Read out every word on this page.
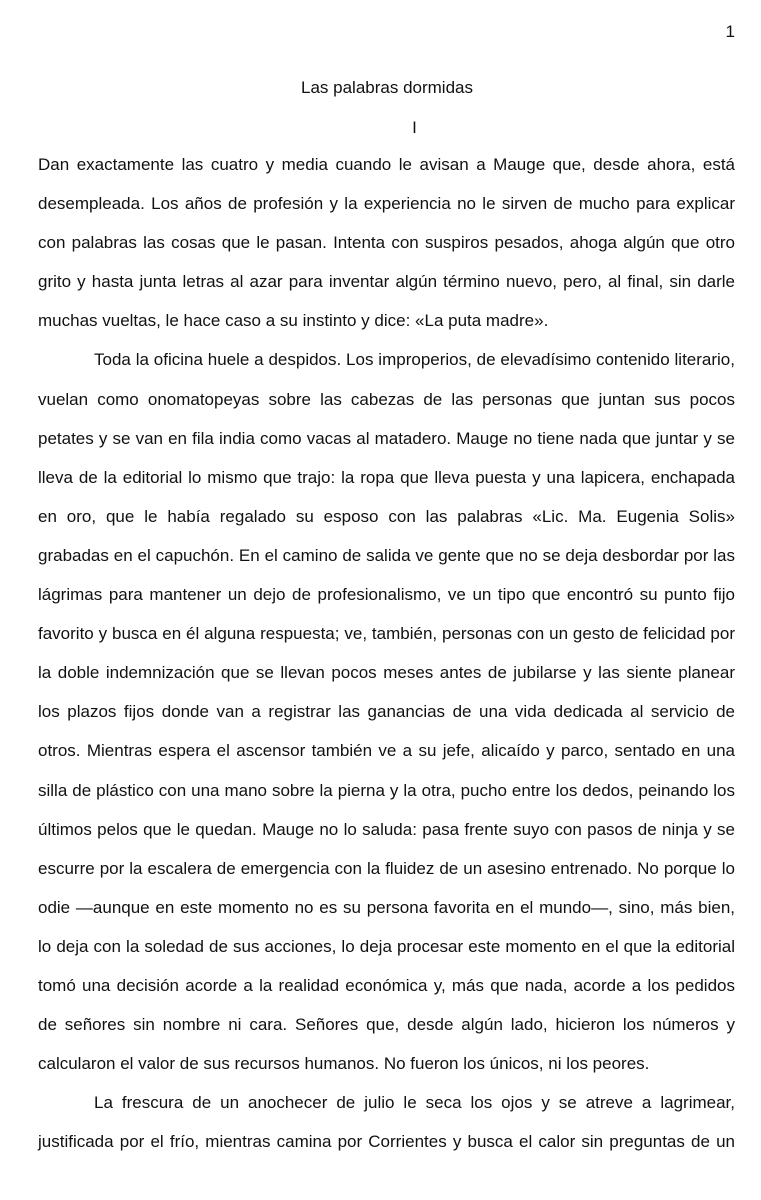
1
Las palabras dormidas
I

Dan exactamente las cuatro y media cuando le avisan a Mauge que, desde ahora, está desempleada. Los años de profesión y la experiencia no le sirven de mucho para explicar con palabras las cosas que le pasan. Intenta con suspiros pesados, ahoga algún que otro grito y hasta junta letras al azar para inventar algún término nuevo, pero, al final, sin darle muchas vueltas, le hace caso a su instinto y dice: «La puta madre».

Toda la oficina huele a despidos. Los improperios, de elevadísimo contenido literario, vuelan como onomatopeyas sobre las cabezas de las personas que juntan sus pocos petates y se van en fila india como vacas al matadero. Mauge no tiene nada que juntar y se lleva de la editorial lo mismo que trajo: la ropa que lleva puesta y una lapicera, enchapada en oro, que le había regalado su esposo con las palabras «Lic. Ma. Eugenia Solis» grabadas en el capuchón. En el camino de salida ve gente que no se deja desbordar por las lágrimas para mantener un dejo de profesionalismo, ve un tipo que encontró su punto fijo favorito y busca en él alguna respuesta; ve, también, personas con un gesto de felicidad por la doble indemnización que se llevan pocos meses antes de jubilarse y las siente planear los plazos fijos donde van a registrar las ganancias de una vida dedicada al servicio de otros. Mientras espera el ascensor también ve a su jefe, alicaído y parco, sentado en una silla de plástico con una mano sobre la pierna y la otra, pucho entre los dedos, peinando los últimos pelos que le quedan. Mauge no lo saluda: pasa frente suyo con pasos de ninja y se escurre por la escalera de emergencia con la fluidez de un asesino entrenado. No porque lo odie —aunque en este momento no es su persona favorita en el mundo—, sino, más bien, lo deja con la soledad de sus acciones, lo deja procesar este momento en el que la editorial tomó una decisión acorde a la realidad económica y, más que nada, acorde a los pedidos de señores sin nombre ni cara. Señores que, desde algún lado, hicieron los números y calcularon el valor de sus recursos humanos. No fueron los únicos, ni los peores.

La frescura de un anochecer de julio le seca los ojos y se atreve a lagrimear, justificada por el frío, mientras camina por Corrientes y busca el calor sin preguntas de un
